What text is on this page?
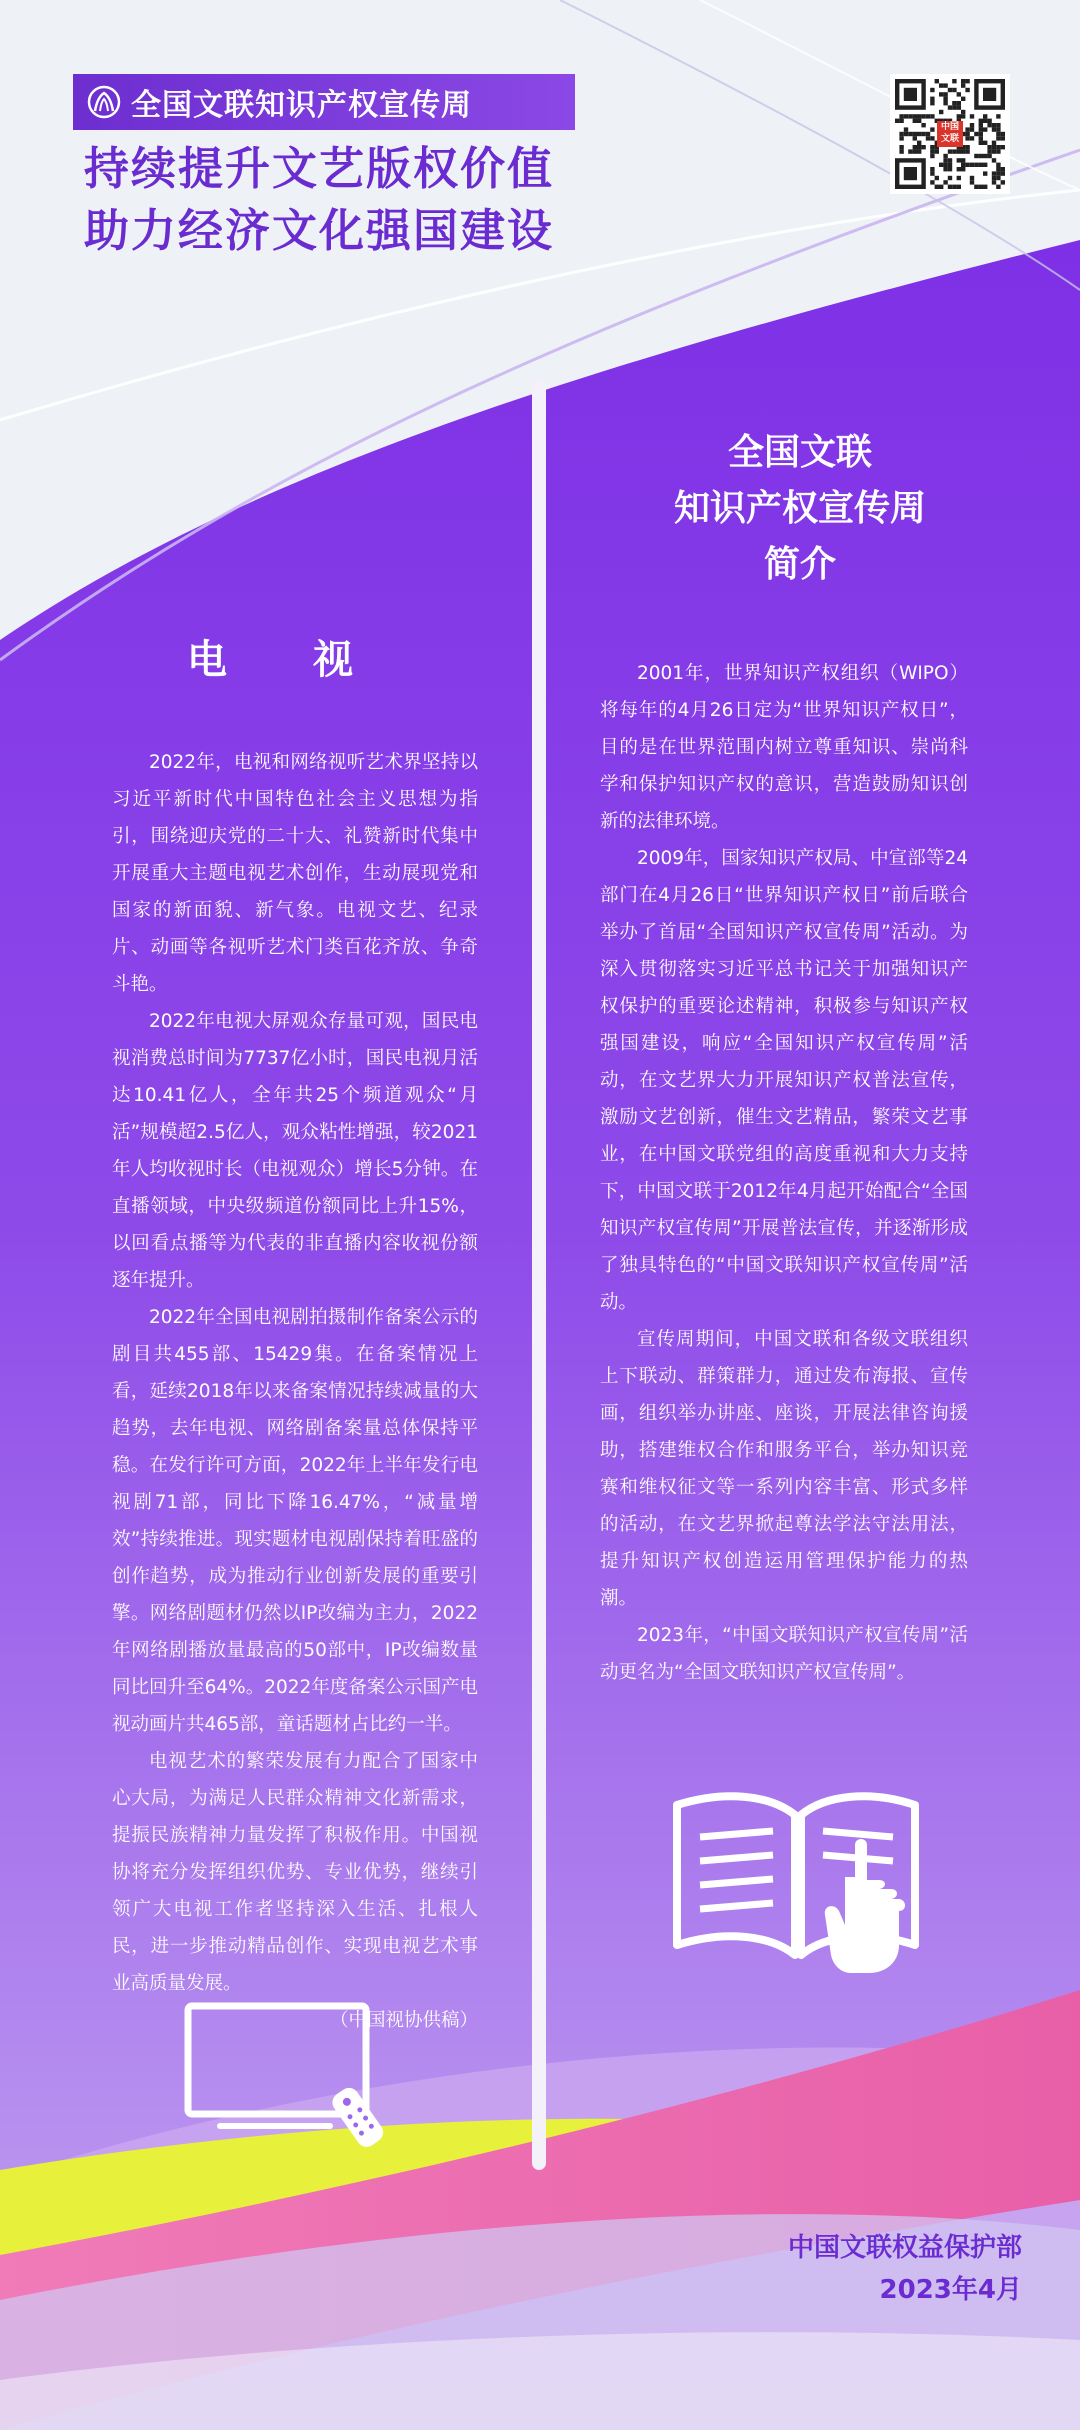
全国文联知识产权宣传周
持续提升文艺版权价值
助力经济文化强国建设
中国文联
全国文联
知识产权宣传周
简介
电 视

2022年，电视和网络视听艺术界坚持以习近平新时代中国特色社会主义思想为指引，围绕迎庆党的二十大、礼赞新时代集中开展重大主题电视艺术创作，生动展现党和国家的新面貌、新气象。电视文艺、纪录片、动画等各视听艺术门类百花齐放、争奇斗艳。

2022年电视大屏观众存量可观，国民电视消费总时间为7737亿小时，国民电视月活达10.41亿人，全年共25个频道观众“月活”规模超2.5亿人，观众粘性增强，较2021年人均收视时长（电视观众）增长5分钟。在直播领域，中央级频道份额同比上升15%，以回看点播等为代表的非直播内容收视份额逐年提升。

2022年全国电视剧拍摄制作备案公示的剧目共455部、15429集。在备案情况上看，延续2018年以来备案情况持续减量的大趋势，去年电视、网络剧备案量总体保持平稳。在发行许可方面，2022年上半年发行电视剧71部，同比下降16.47%，“减量增效”持续推进。现实题材电视剧保持着旺盛的创作趋势，成为推动行业创新发展的重要引擎。网络剧题材仍然以IP改编为主力，2022年网络剧播放量最高的50部中，IP改编数量同比回升至64%。2022年度备案公示国产电视动画片共465部，童话题材占比约一半。

电视艺术的繁荣发展有力配合了国家中心大局，为满足人民群众精神文化新需求，提振民族精神力量发挥了积极作用。中国视协将充分发挥组织优势、专业优势，继续引领广大电视工作者坚持深入生活、扎根人民，进一步推动精品创作、实现电视艺术事业高质量发展。

（中国视协供稿）

2001年，世界知识产权组织（WIPO）将每年的4月26日定为“世界知识产权日”，目的是在世界范围内树立尊重知识、崇尚科学和保护知识产权的意识，营造鼓励知识创新的法律环境。

2009年，国家知识产权局、中宣部等24部门在4月26日“世界知识产权日”前后联合举办了首届“全国知识产权宣传周”活动。为深入贯彻落实习近平总书记关于加强知识产权保护的重要论述精神，积极参与知识产权强国建设，响应“全国知识产权宣传周”活动，在文艺界大力开展知识产权普法宣传，激励文艺创新，催生文艺精品，繁荣文艺事业，在中国文联党组的高度重视和大力支持下，中国文联于2012年4月起开始配合“全国知识产权宣传周”开展普法宣传，并逐渐形成了独具特色的“中国文联知识产权宣传周”活动。

宣传周期间，中国文联和各级文联组织上下联动、群策群力，通过发布海报、宣传画，组织举办讲座、座谈，开展法律咨询援助，搭建维权合作和服务平台，举办知识竞赛和维权征文等一系列内容丰富、形式多样的活动，在文艺界掀起尊法学法守法用法，提升知识产权创造运用管理保护能力的热潮。

2023年，“中国文联知识产权宣传周”活动更名为“全国文联知识产权宣传周”。

中国文联权益保护部
2023年4月
